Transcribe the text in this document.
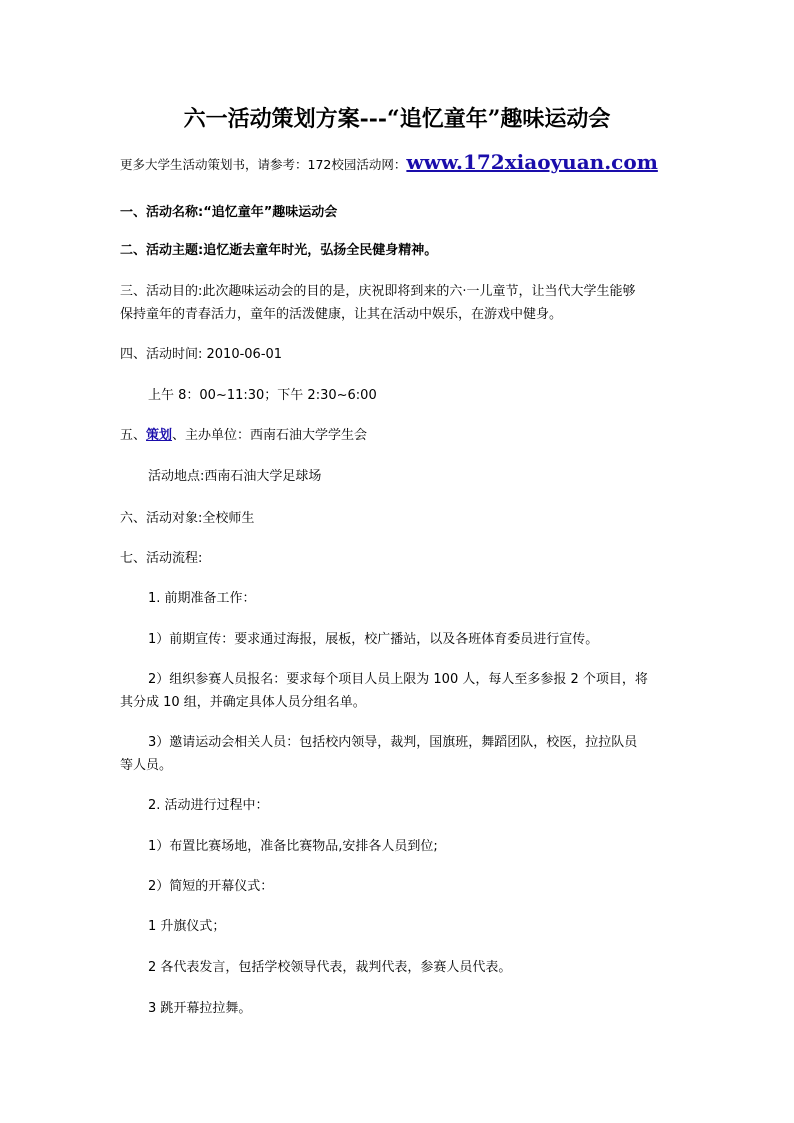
六一活动策划方案---“追忆童年”趣味运动会
更多大学生活动策划书，请参考：172校园活动网：www.172xiaoyuan.com
一、活动名称:“追忆童年”趣味运动会
二、活动主题:追忆逝去童年时光，弘扬全民健身精神。
三、活动目的:此次趣味运动会的目的是，庆祝即将到来的六·一儿童节，让当代大学生能够
保持童年的青春活力，童年的活泼健康，让其在活动中娱乐，在游戏中健身。
四、活动时间: 2010-06-01
上午 8：00~11:30；下午 2:30~6:00
五、策划、主办单位：西南石油大学学生会
活动地点:西南石油大学足球场
六、活动对象:全校师生
七、活动流程:
1. 前期准备工作：
1）前期宣传：要求通过海报，展板，校广播站，以及各班体育委员进行宣传。
2）组织参赛人员报名：要求每个项目人员上限为 100 人，每人至多参报 2 个项目，将
其分成 10 组，并确定具体人员分组名单。
3）邀请运动会相关人员：包括校内领导，裁判，国旗班，舞蹈团队，校医，拉拉队员
等人员。
2. 活动进行过程中：
1）布置比赛场地，准备比赛物品,安排各人员到位;
2）简短的开幕仪式：
1 升旗仪式；
2 各代表发言，包括学校领导代表，裁判代表，参赛人员代表。
3 跳开幕拉拉舞。
